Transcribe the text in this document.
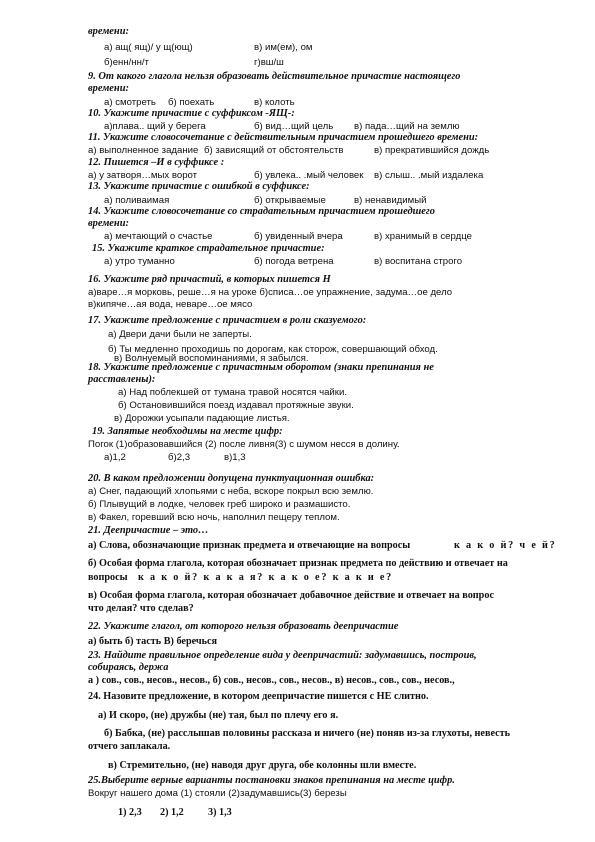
времени:
а) ащ( ящ)/ у щ(ющ)	в) им(ем), ом
б)енн/нн/т	г)вш/ш
9. От какого глагола нельзя образовать действительное причастие настоящего
времени:
а) смотреть б) поехать	в) колоть
10. Укажите причастие с суффиксом -ЯЩ-:
а)плава.. щий у берега	б) вид…щий цель в) пада…щий на землю
11. Укажите словосочетание с действительным причастием прошедшего времени:
а) выполненное задание б) зависящий от обстоятельств	в) прекратившийся дождь
12. Пишется –И в суффиксе :
а) у затворя…мых ворот	б) увлека.. .мый человек в) слыш.. .мый издалека
13. Укажите причастие с ошибкой в суффиксе:
а) поливаимая	б) открываемые	в) ненавидимый
14. Укажите словосочетание со страдательным причастием прошедшего
времени:
а) мечтающий о счастье	б) увиденный вчера	в) хранимый в сердце
15. Укажите краткое страдательное причастие:
а) утро туманно	б) погода ветрена	в) воспитана строго
16. Укажите ряд причастий, в которых пишется Н
а)варе…я морковь, реше…я на уроке б)списа…ое упражнение, задума…ое дело
в)кипяче…ая вода, неваре…ое мясо
17. Укажите предложение с причастием в роли сказуемого:
а) Двери дачи были не заперты.
б) Ты медленно проходишь по дорогам, как сторож, совершающий обход.
в) Волнуемый воспоминаниями, я забылся.
18. Укажите предложение с причастным оборотом (знаки препинания не
расставлены):
а) Над поблекшей от тумана травой носятся чайки.
б) Остановившийся поезд издавал протяжные звуки.
в) Дорожки усыпали падающие листья.
19. Запятые необходимы на месте цифр:
Погок (1)образовавшийся (2) после ливня(3) с шумом несся в долину.
а)1,2	б)2,3	в)1,3
20. В каком предложении допущена пунктуационная ошибка:
а) Снег, падающий хлопьями с неба, вскоре покрыл всю землю.
б) Плывущий в лодке, человек греб широко и размашисто.
в) Факел, горевший всю ночь, наполнил пещеру теплом.
21. Деепричастие – это…
а) Слова, обозначающие признак предмета и отвечающие на вопросы	к а к о й? ч е й?
б) Особая форма глагола, которая обозначает признак предмета по действию и отвечает на
вопросы к а к о й? к а к а я? к а к о е? к а к и е?
в) Особая форма глагола, которая обозначает добавочное действие и отвечает на вопрос
что делая? что сделав?
22. Укажите глагол, от которого нельзя образовать деепричастие
а) быть б) тасть В) беречься
23. Найдите правильное определение вида у деепричастий: задумавшись, построив,
собираясь, держа
а ) сов., сов., несов., несов., б) сов., несов., сов., несов., в) несов., сов., сов., несов.,
24. Назовите предложение, в котором деепричастие пишется с НЕ слитно.
а) И скоро, (не) дружбы (не) тая, был по плечу его я.
б) Бабка, (не) расслышав половины рассказа и ничего (не) поняв из-за глухоты, невесть
отчего заплакала.
в) Стремительно, (не) наводя друг друга, обе колонны шли вместе.
25.Выберите верные варианты постановки знаков препинания на месте цифр.
Вокруг нашего дома (1) стояли (2)задумавшись(3) березы
1) 2,3 2) 1,2 3) 1,3
